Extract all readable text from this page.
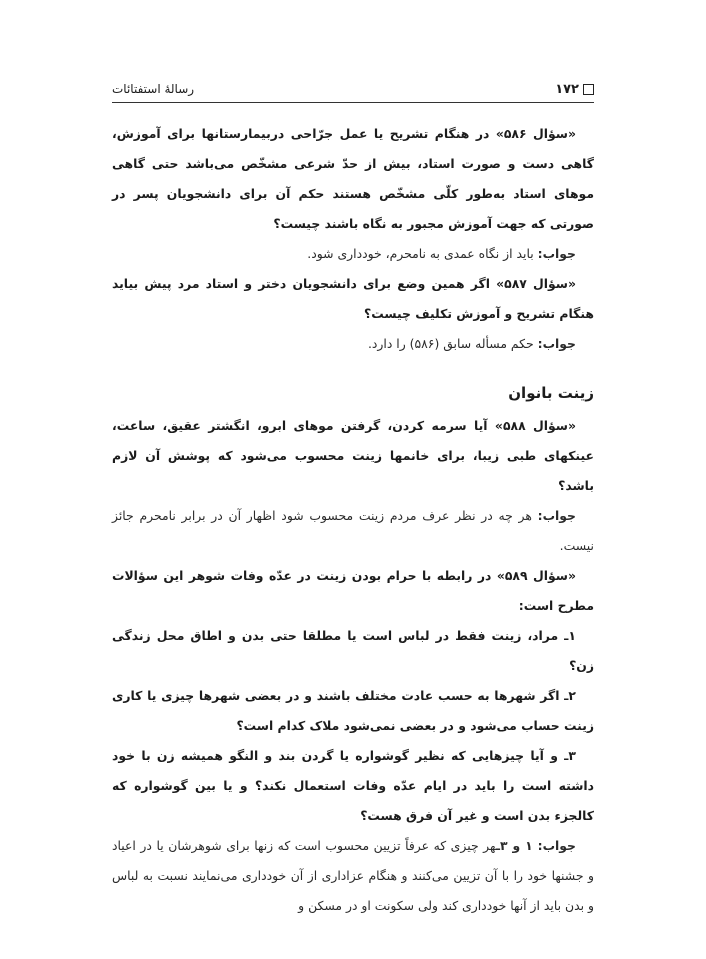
۱۷۲
رسالهٔ استفتائات

«سؤال ۵۸۶» در هنگام تشریح یا عمل جرّاحی دربیمارستانها برای آموزش، گاهی دست و صورت استاد، بیش از حدّ شرعی مشخّص می‌باشد حتی گاهی موهای استاد به‌طور کلّی مشخّص هستند حکم آن برای دانشجویان پسر در صورتی که جهت آموزش مجبور به نگاه باشند چیست؟

جواب: باید از نگاه عمدی به نامحرم، خودداری شود.

«سؤال ۵۸۷» اگر همین وضع برای دانشجویان دختر و استاد مرد پیش بیاید هنگام تشریح و آموزش تکلیف چیست؟

جواب: حکم مسأله سابق (۵۸۶) را دارد.

زینت بانوان

«سؤال ۵۸۸» آیا سرمه کردن، گرفتن موهای ابرو، انگشتر عقیق، ساعت، عینکهای طبی زیبا، برای خانمها زینت محسوب می‌شود که پوشش آن لازم باشد؟

جواب: هر چه در نظر عرف مردم زینت محسوب شود اظهار آن در برابر نامحرم جائز نیست.

«سؤال ۵۸۹» در رابطه با حرام بودن زینت در عدّه وفات شوهر این سؤالات مطرح است:

۱ـ مراد، زینت فقط در لباس است یا مطلقا حتی بدن و اطاق محل زندگی زن؟

۲ـ اگر شهرها به حسب عادت مختلف باشند و در بعضی شهرها چیزی یا کاری زینت حساب می‌شود و در بعضی نمی‌شود ملاک کدام است؟

۳ـ و آیا چیزهایی که نظیر گوشواره یا گردن بند و النگو همیشه زن با خود داشته است را باید در ایام عدّه وفات استعمال نکند؟ و یا بین گوشواره که کالجزء بدن است و غیر آن فرق هست؟

جواب: ۱ و ۳ـهر چیزی که عرفاً تزیین محسوب است که زنها برای شوهرشان یا در اعیاد و جشنها خود را با آن تزیین می‌کنند و هنگام عزاداری از آن خودداری می‌نمایند نسبت به لباس و بدن باید از آنها خودداری کند ولی سکونت او در مسکن و
